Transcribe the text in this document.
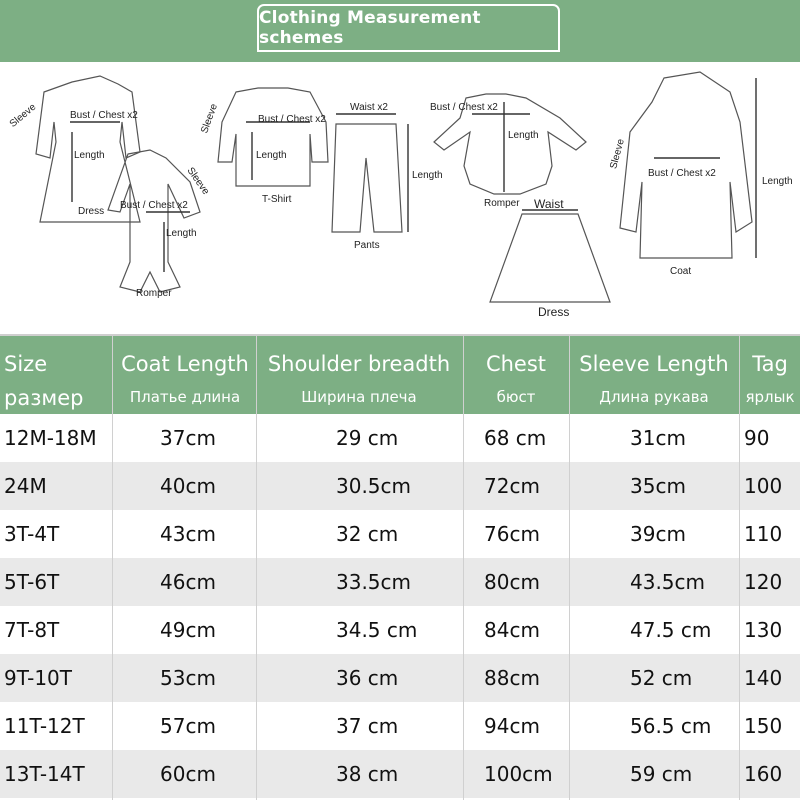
Clothing Measurement schemes
Sleeve	Bust / Chest x2
Length
Dress
Sleeve
Bust / Chest x2
Length
Romper
Sleeve	Bust / Chest x2
Length
T-Shirt
Waist x2
Length
Pants
Bust / Chest x2
Length
Romper Waist
Dress
Sleeve
Bust / Chest x2
Length
Coat
Size
размер
Coat Length
Платье длина
Shoulder breadth
Ширина плеча
Chest
бюст
Sleeve Length
Длина рукава
Tag
ярлык
12M-18M	37cm	29 cm	68 cm	31cm	90
24M	40cm	30.5cm	72cm	35cm	100
3T-4T	43cm	32 cm	76cm	39cm	110
5T-6T	46cm	33.5cm	80cm	43.5cm	120
7T-8T	49cm	34.5 cm	84cm	47.5 cm	130
9T-10T	53cm	36 cm	88cm	52 cm	140
11T-12T	57cm	37 cm	94cm	56.5 cm	150
13T-14T	60cm	38 cm	100cm	59 cm	160
